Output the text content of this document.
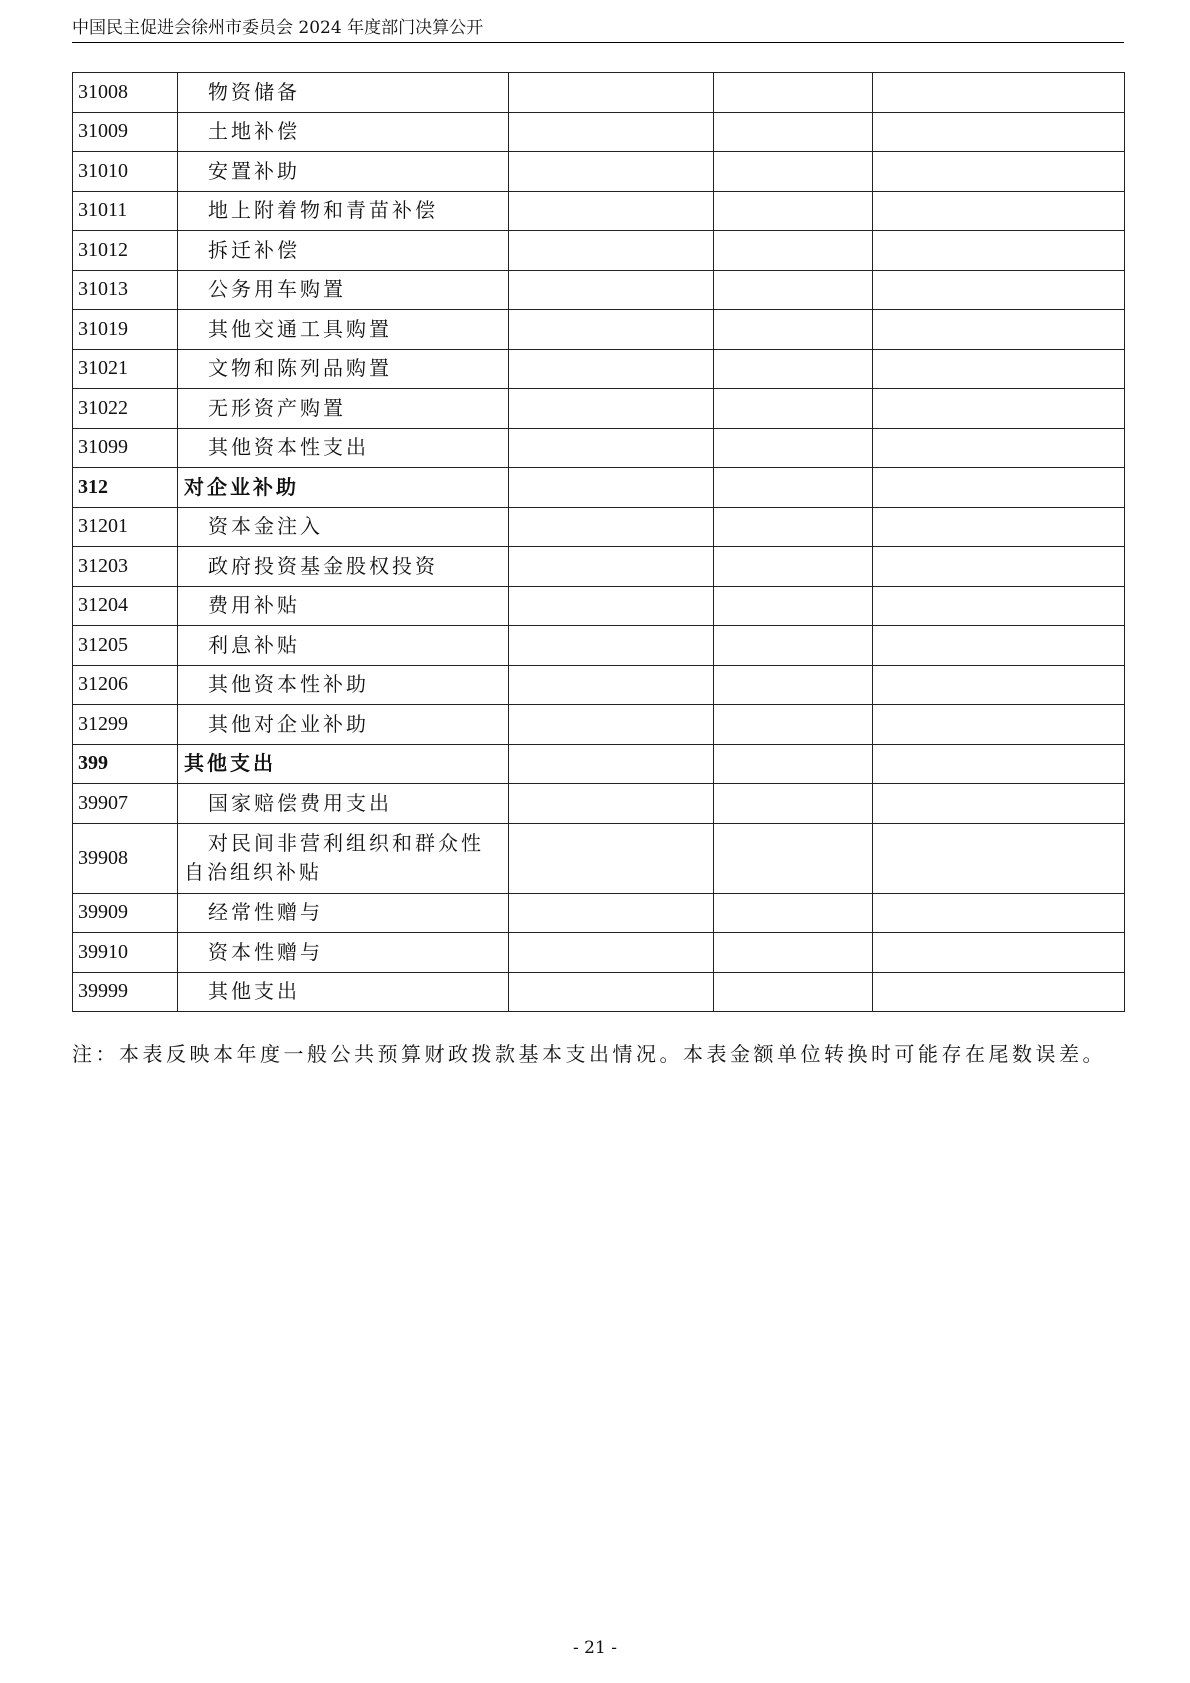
中国民主促进会徐州市委员会 2024 年度部门决算公开
31008	物资储备			
31009	土地补偿			
31010	安置补助			
31011	地上附着物和青苗补偿			
31012	拆迁补偿			
31013	公务用车购置			
31019	其他交通工具购置			
31021	文物和陈列品购置			
31022	无形资产购置			
31099	其他资本性支出			
312	对企业补助			
31201	资本金注入			
31203	政府投资基金股权投资			
31204	费用补贴			
31205	利息补贴			
31206	其他资本性补助			
31299	其他对企业补助			
399	其他支出			
39907	国家赔偿费用支出			
39908	对民间非营利组织和群众性自治组织补贴			
39909	经常性赠与			
39910	资本性赠与			
39999	其他支出			
注：本表反映本年度一般公共预算财政拨款基本支出情况。本表金额单位转换时可能存在尾数误差。
- 21 -
